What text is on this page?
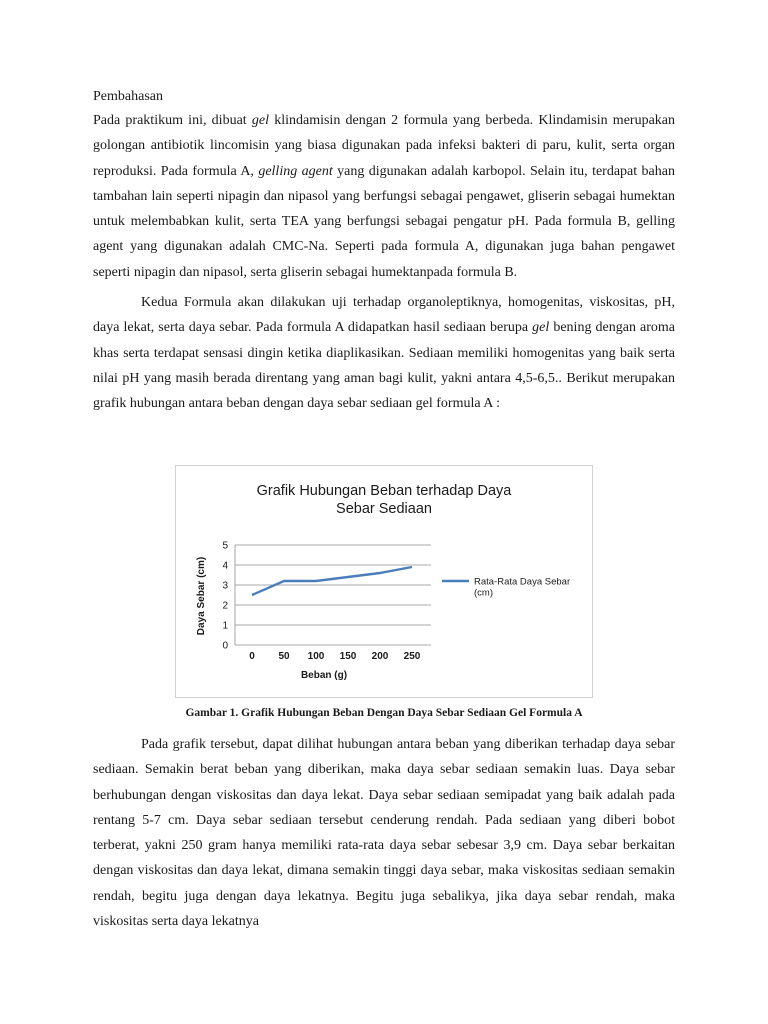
Pembahasan

Pada praktikum ini, dibuat gel klindamisin dengan 2 formula yang berbeda. Klindamisin merupakan golongan antibiotik lincomisin yang biasa digunakan pada infeksi bakteri di paru, kulit, serta organ reproduksi. Pada formula A, gelling agent yang digunakan adalah karbopol. Selain itu, terdapat bahan tambahan lain seperti nipagin dan nipasol yang berfungsi sebagai pengawet, gliserin sebagai humektan untuk melembabkan kulit, serta TEA yang berfungsi sebagai pengatur pH. Pada formula B, gelling agent yang digunakan adalah CMC-Na. Seperti pada formula A, digunakan juga bahan pengawet seperti nipagin dan nipasol, serta gliserin sebagai humektanpada formula B.

Kedua Formula akan dilakukan uji terhadap organoleptiknya, homogenitas, viskositas, pH, daya lekat, serta daya sebar. Pada formula A didapatkan hasil sediaan berupa gel bening dengan aroma khas serta terdapat sensasi dingin ketika diaplikasikan. Sediaan memiliki homogenitas yang baik serta nilai pH yang masih berada direntang yang aman bagi kulit, yakni antara 4,5-6,5.. Berikut merupakan grafik hubungan antara beban dengan daya sebar sediaan gel formula A :

Grafik Hubungan Beban terhadap Daya
Sebar Sediaan
0
1
2
3
4
5
0 50 100 150 200 250
Rata-Rata Daya Sebar
(cm)
Beban (g)
Daya Sebar (cm)
Gambar 1. Grafik Hubungan Beban Dengan Daya Sebar Sediaan Gel Formula A

Pada grafik tersebut, dapat dilihat hubungan antara beban yang diberikan terhadap daya sebar sediaan. Semakin berat beban yang diberikan, maka daya sebar sediaan semakin luas. Daya sebar berhubungan dengan viskositas dan daya lekat. Daya sebar sediaan semipadat yang baik adalah pada rentang 5-7 cm. Daya sebar sediaan tersebut cenderung rendah. Pada sediaan yang diberi bobot terberat, yakni 250 gram hanya memiliki rata-rata daya sebar sebesar 3,9 cm. Daya sebar berkaitan dengan viskositas dan daya lekat, dimana semakin tinggi daya sebar, maka viskositas sediaan semakin rendah, begitu juga dengan daya lekatnya. Begitu juga sebalikya, jika daya sebar rendah, maka viskositas serta daya lekatnya
